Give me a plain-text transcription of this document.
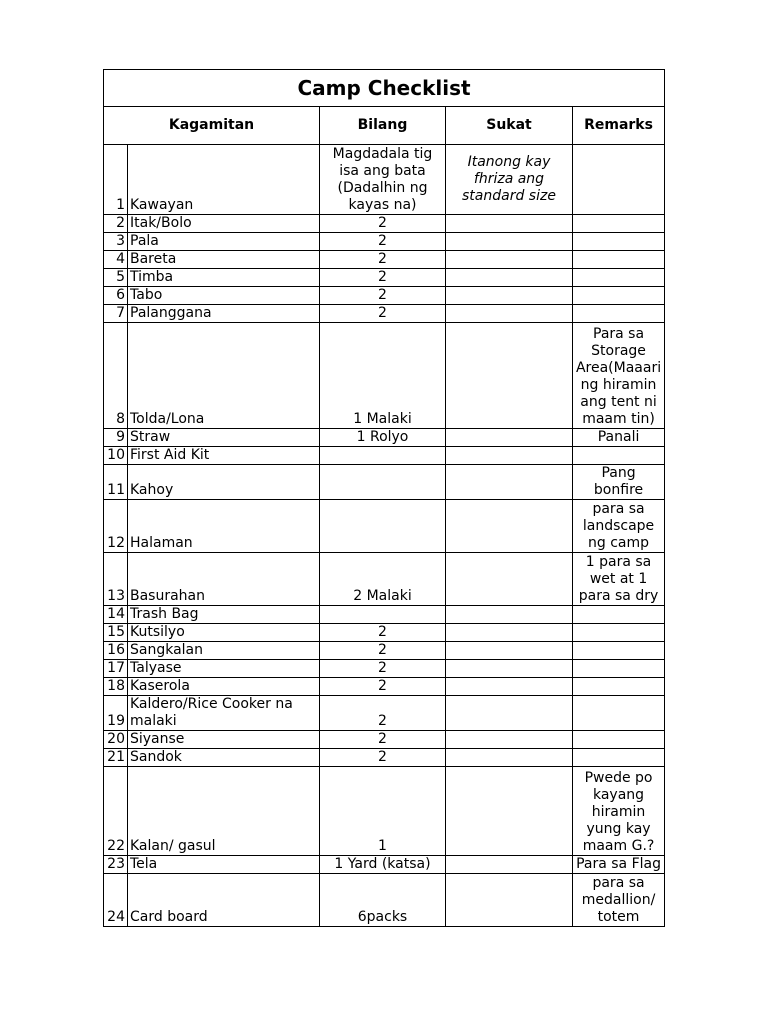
Camp Checklist				
Kagamitan		Bilang	Sukat	Remarks
1	Kawayan	Magdadala tig isa ang bata (Dadalhin ng kayas na)	Itanong kay fhriza ang standard size	
2	Itak/Bolo	2		
3	Pala	2		
4	Bareta	2		
5	Timba	2		
6	Tabo	2		
7	Palanggana	2		
8	Tolda/Lona	1 Malaki		Para sa Storage Area(Maaari ng hiramin ang tent ni maam tin)
9	Straw	1 Rolyo		Panali
10	First Aid Kit			
11	Kahoy			Pang bonfire
12	Halaman			para sa landscape ng camp
13	Basurahan	2 Malaki		1 para sa wet at 1 para sa dry
14	Trash Bag			
15	Kutsilyo	2		
16	Sangkalan	2		
17	Talyase	2		
18	Kaserola	2		
19	Kaldero/Rice Cooker na malaki	2		
20	Siyanse	2		
21	Sandok	2		
22	Kalan/ gasul	1		Pwede po kayang hiramin yung kay maam G.?
23	Tela	1 Yard (katsa)		Para sa Flag
24	Card board	6packs		para sa medallion/ totem
